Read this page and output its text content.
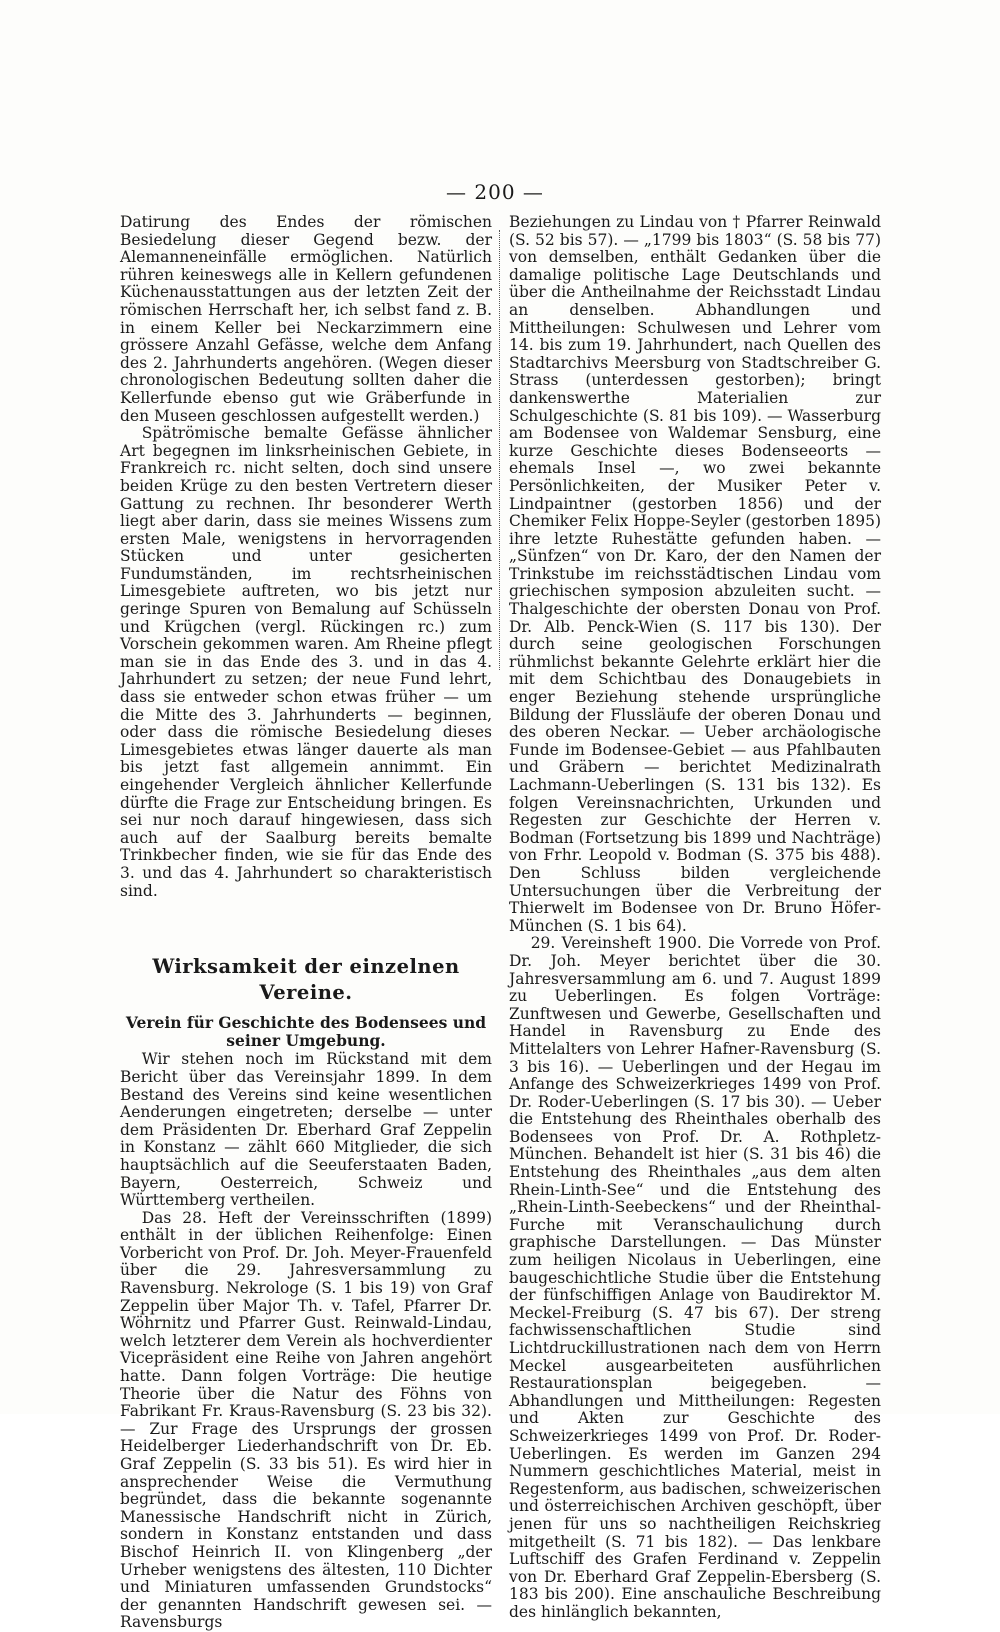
— 200 —

Datirung des Endes der römischen Besiedelung dieser Gegend bezw. der Alemanneneinfälle ermöglichen. Natürlich rühren keineswegs alle in Kellern gefundenen Küchenausstattungen aus der letzten Zeit der römischen Herrschaft her, ich selbst fand z. B. in einem Keller bei Neckarzimmern eine grössere Anzahl Gefässe, welche dem Anfang des 2. Jahrhunderts angehören. (Wegen dieser chronologischen Bedeutung sollten daher die Kellerfunde ebenso gut wie Gräberfunde in den Museen geschlossen aufgestellt werden.)

Spätrömische bemalte Gefässe ähnlicher Art begegnen im linksrheinischen Gebiete, in Frankreich rc. nicht selten, doch sind unsere beiden Krüge zu den besten Vertretern dieser Gattung zu rechnen. Ihr besonderer Werth liegt aber darin, dass sie meines Wissens zum ersten Male, wenigstens in hervorragenden Stücken und unter gesicherten Fundumständen, im rechtsrheinischen Limesgebiete auftreten, wo bis jetzt nur geringe Spuren von Bemalung auf Schüsseln und Krügchen (vergl. Rückingen rc.) zum Vorschein gekommen waren. Am Rheine pflegt man sie in das Ende des 3. und in das 4. Jahrhundert zu setzen; der neue Fund lehrt, dass sie entweder schon etwas früher — um die Mitte des 3. Jahrhunderts — beginnen, oder dass die römische Besiedelung dieses Limesgebietes etwas länger dauerte als man bis jetzt fast allgemein annimmt. Ein eingehender Vergleich ähnlicher Kellerfunde dürfte die Frage zur Entscheidung bringen. Es sei nur noch darauf hingewiesen, dass sich auch auf der Saalburg bereits bemalte Trinkbecher finden, wie sie für das Ende des 3. und das 4. Jahrhundert so charakteristisch sind.

Wirksamkeit der einzelnen Vereine.
Verein für Geschichte des Bodensees und seiner Umgebung.

Wir stehen noch im Rückstand mit dem Bericht über das Vereinsjahr 1899. In dem Bestand des Vereins sind keine wesentlichen Aenderungen eingetreten; derselbe — unter dem Präsidenten Dr. Eberhard Graf Zeppelin in Konstanz — zählt 660 Mitglieder, die sich hauptsächlich auf die Seeuferstaaten Baden, Bayern, Oesterreich, Schweiz und Württemberg vertheilen.

Das 28. Heft der Vereinsschriften (1899) enthält in der üblichen Reihenfolge: Einen Vorbericht von Prof. Dr. Joh. Meyer-Frauenfeld über die 29. Jahresversammlung zu Ravensburg. Nekrologe (S. 1 bis 19) von Graf Zeppelin über Major Th. v. Tafel, Pfarrer Dr. Wöhrnitz und Pfarrer Gust. Reinwald-Lindau, welch letzterer dem Verein als hochverdienter Vicepräsident eine Reihe von Jahren angehört hatte. Dann folgen Vorträge: Die heutige Theorie über die Natur des Föhns von Fabrikant Fr. Kraus-Ravensburg (S. 23 bis 32). — Zur Frage des Ursprungs der grossen Heidelberger Liederhandschrift von Dr. Eb. Graf Zeppelin (S. 33 bis 51). Es wird hier in ansprechender Weise die Vermuthung begründet, dass die bekannte sogenannte Manessische Handschrift nicht in Zürich, sondern in Konstanz entstanden und dass Bischof Heinrich II. von Klingenberg „der Urheber wenigstens des ältesten, 110 Dichter und Miniaturen umfassenden Grundstocks“ der genannten Handschrift gewesen sei. — Ravensburgs

Beziehungen zu Lindau von † Pfarrer Reinwald (S. 52 bis 57). — „1799 bis 1803“ (S. 58 bis 77) von demselben, enthält Gedanken über die damalige politische Lage Deutschlands und über die Antheilnahme der Reichsstadt Lindau an denselben. Abhandlungen und Mittheilungen: Schulwesen und Lehrer vom 14. bis zum 19. Jahrhundert, nach Quellen des Stadtarchivs Meersburg von Stadtschreiber G. Strass (unterdessen gestorben); bringt dankenswerthe Materialien zur Schulgeschichte (S. 81 bis 109). — Wasserburg am Bodensee von Waldemar Sensburg, eine kurze Geschichte dieses Bodenseeorts — ehemals Insel —, wo zwei bekannte Persönlichkeiten, der Musiker Peter v. Lindpaintner (gestorben 1856) und der Chemiker Felix Hoppe-Seyler (gestorben 1895) ihre letzte Ruhestätte gefunden haben. — „Sünfzen“ von Dr. Karo, der den Namen der Trinkstube im reichsstädtischen Lindau vom griechischen symposion abzuleiten sucht. — Thalgeschichte der obersten Donau von Prof. Dr. Alb. Penck-Wien (S. 117 bis 130). Der durch seine geologischen Forschungen rühmlichst bekannte Gelehrte erklärt hier die mit dem Schichtbau des Donaugebiets in enger Beziehung stehende ursprüngliche Bildung der Flussläufe der oberen Donau und des oberen Neckar. — Ueber archäologische Funde im Bodensee-Gebiet — aus Pfahlbauten und Gräbern — berichtet Medizinalrath Lachmann-Ueberlingen (S. 131 bis 132). Es folgen Vereinsnachrichten, Urkunden und Regesten zur Geschichte der Herren v. Bodman (Fortsetzung bis 1899 und Nachträge) von Frhr. Leopold v. Bodman (S. 375 bis 488). Den Schluss bilden vergleichende Untersuchungen über die Verbreitung der Thierwelt im Bodensee von Dr. Bruno Höfer-München (S. 1 bis 64).

29. Vereinsheft 1900. Die Vorrede von Prof. Dr. Joh. Meyer berichtet über die 30. Jahresversammlung am 6. und 7. August 1899 zu Ueberlingen. Es folgen Vorträge: Zunftwesen und Gewerbe, Gesellschaften und Handel in Ravensburg zu Ende des Mittelalters von Lehrer Hafner-Ravensburg (S. 3 bis 16). — Ueberlingen und der Hegau im Anfange des Schweizerkrieges 1499 von Prof. Dr. Roder-Ueberlingen (S. 17 bis 30). — Ueber die Entstehung des Rheinthales oberhalb des Bodensees von Prof. Dr. A. Rothpletz-München. Behandelt ist hier (S. 31 bis 46) die Entstehung des Rheinthales „aus dem alten Rhein-Linth-See“ und die Entstehung des „Rhein-Linth-Seebeckens“ und der Rheinthal-Furche mit Veranschaulichung durch graphische Darstellungen. — Das Münster zum heiligen Nicolaus in Ueberlingen, eine baugeschichtliche Studie über die Entstehung der fünfschiffigen Anlage von Baudirektor M. Meckel-Freiburg (S. 47 bis 67). Der streng fachwissenschaftlichen Studie sind Lichtdruckillustrationen nach dem von Herrn Meckel ausgearbeiteten ausführlichen Restaurationsplan beigegeben. — Abhandlungen und Mittheilungen: Regesten und Akten zur Geschichte des Schweizerkrieges 1499 von Prof. Dr. Roder-Ueberlingen. Es werden im Ganzen 294 Nummern geschichtliches Material, meist in Regestenform, aus badischen, schweizerischen und österreichischen Archiven geschöpft, über jenen für uns so nachtheiligen Reichskrieg mitgetheilt (S. 71 bis 182). — Das lenkbare Luftschiff des Grafen Ferdinand v. Zeppelin von Dr. Eberhard Graf Zeppelin-Ebersberg (S. 183 bis 200). Eine anschauliche Beschreibung des hinlänglich bekannten,
